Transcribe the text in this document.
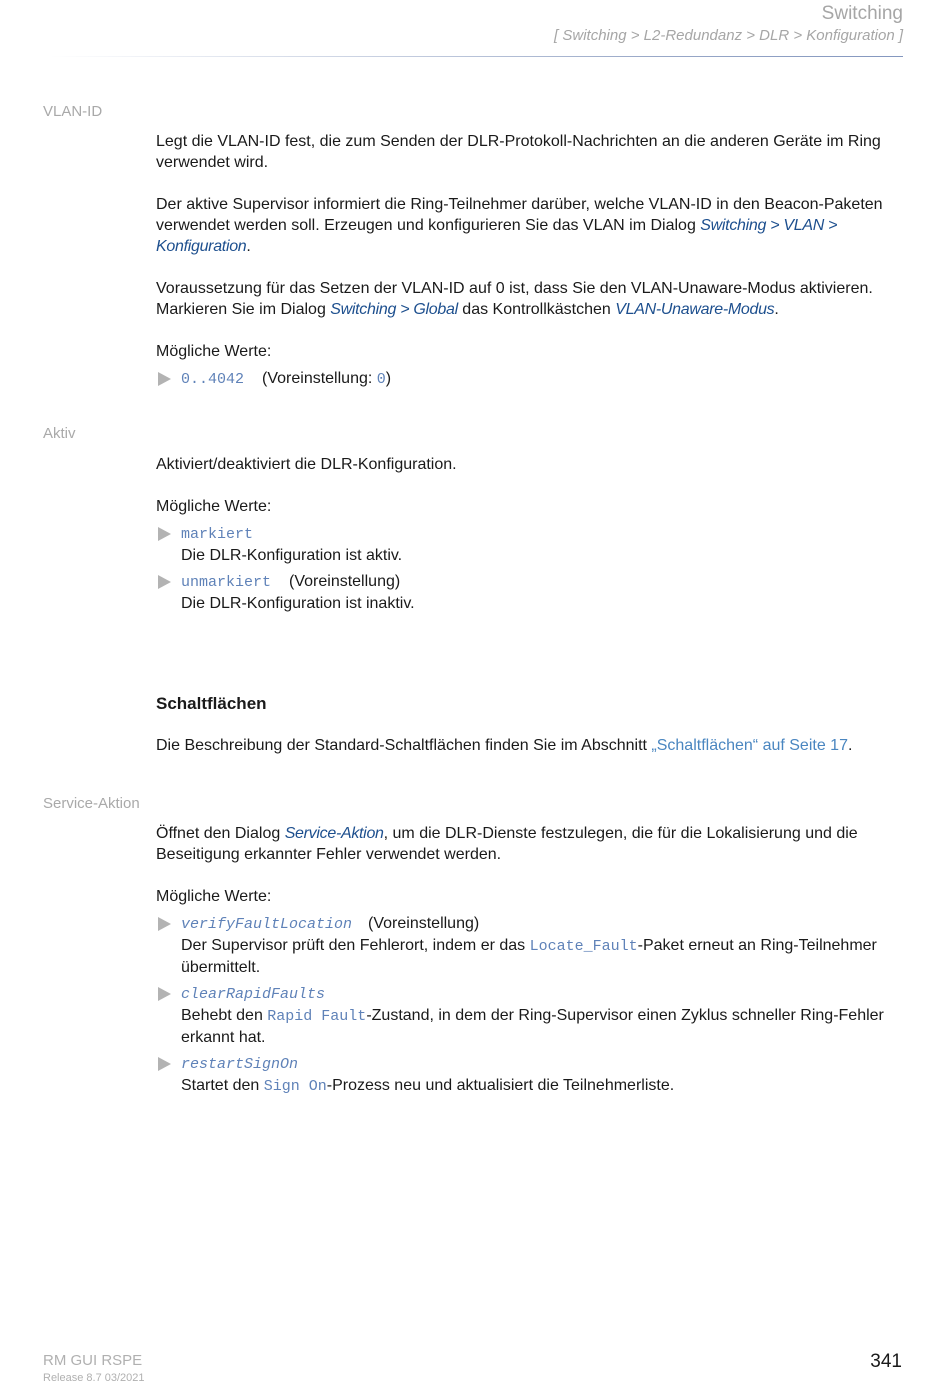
Switching
[ Switching > L2-Redundanz > DLR > Konfiguration ]
VLAN-ID

Legt die VLAN-ID fest, die zum Senden der DLR-Protokoll-Nachrichten an die anderen Geräte im Ring verwendet wird.

Der aktive Supervisor informiert die Ring-Teilnehmer darüber, welche VLAN-ID in den Beacon-Paketen verwendet werden soll. Erzeugen und konfigurieren Sie das VLAN im Dialog Switching > VLAN > Konfiguration.

Voraussetzung für das Setzen der VLAN-ID auf 0 ist, dass Sie den VLAN-Unaware-Modus aktivieren. Markieren Sie im Dialog Switching > Global das Kontrollkästchen VLAN-Unaware-Modus.

Mögliche Werte:

0..4042 (Voreinstellung: 0)
Aktiv

Aktiviert/deaktiviert die DLR-Konfiguration.

Mögliche Werte:

markiert
Die DLR-Konfiguration ist aktiv.
unmarkiert (Voreinstellung)
Die DLR-Konfiguration ist inaktiv.
Schaltflächen

Die Beschreibung der Standard-Schaltflächen finden Sie im Abschnitt „Schaltflächen“ auf Seite 17.

Service-Aktion

Öffnet den Dialog Service-Aktion, um die DLR-Dienste festzulegen, die für die Lokalisierung und die Beseitigung erkannter Fehler verwendet werden.

Mögliche Werte:

verifyFaultLocation (Voreinstellung)
Der Supervisor prüft den Fehlerort, indem er das Locate_Fault-Paket erneut an Ring-Teilnehmer übermittelt.
clearRapidFaults
Behebt den Rapid Fault-Zustand, in dem der Ring-Supervisor einen Zyklus schneller Ring-Fehler erkannt hat.
restartSignOn
Startet den Sign On-Prozess neu und aktualisiert die Teilnehmerliste.
RM GUI RSPE
Release 8.7 03/2021
341
